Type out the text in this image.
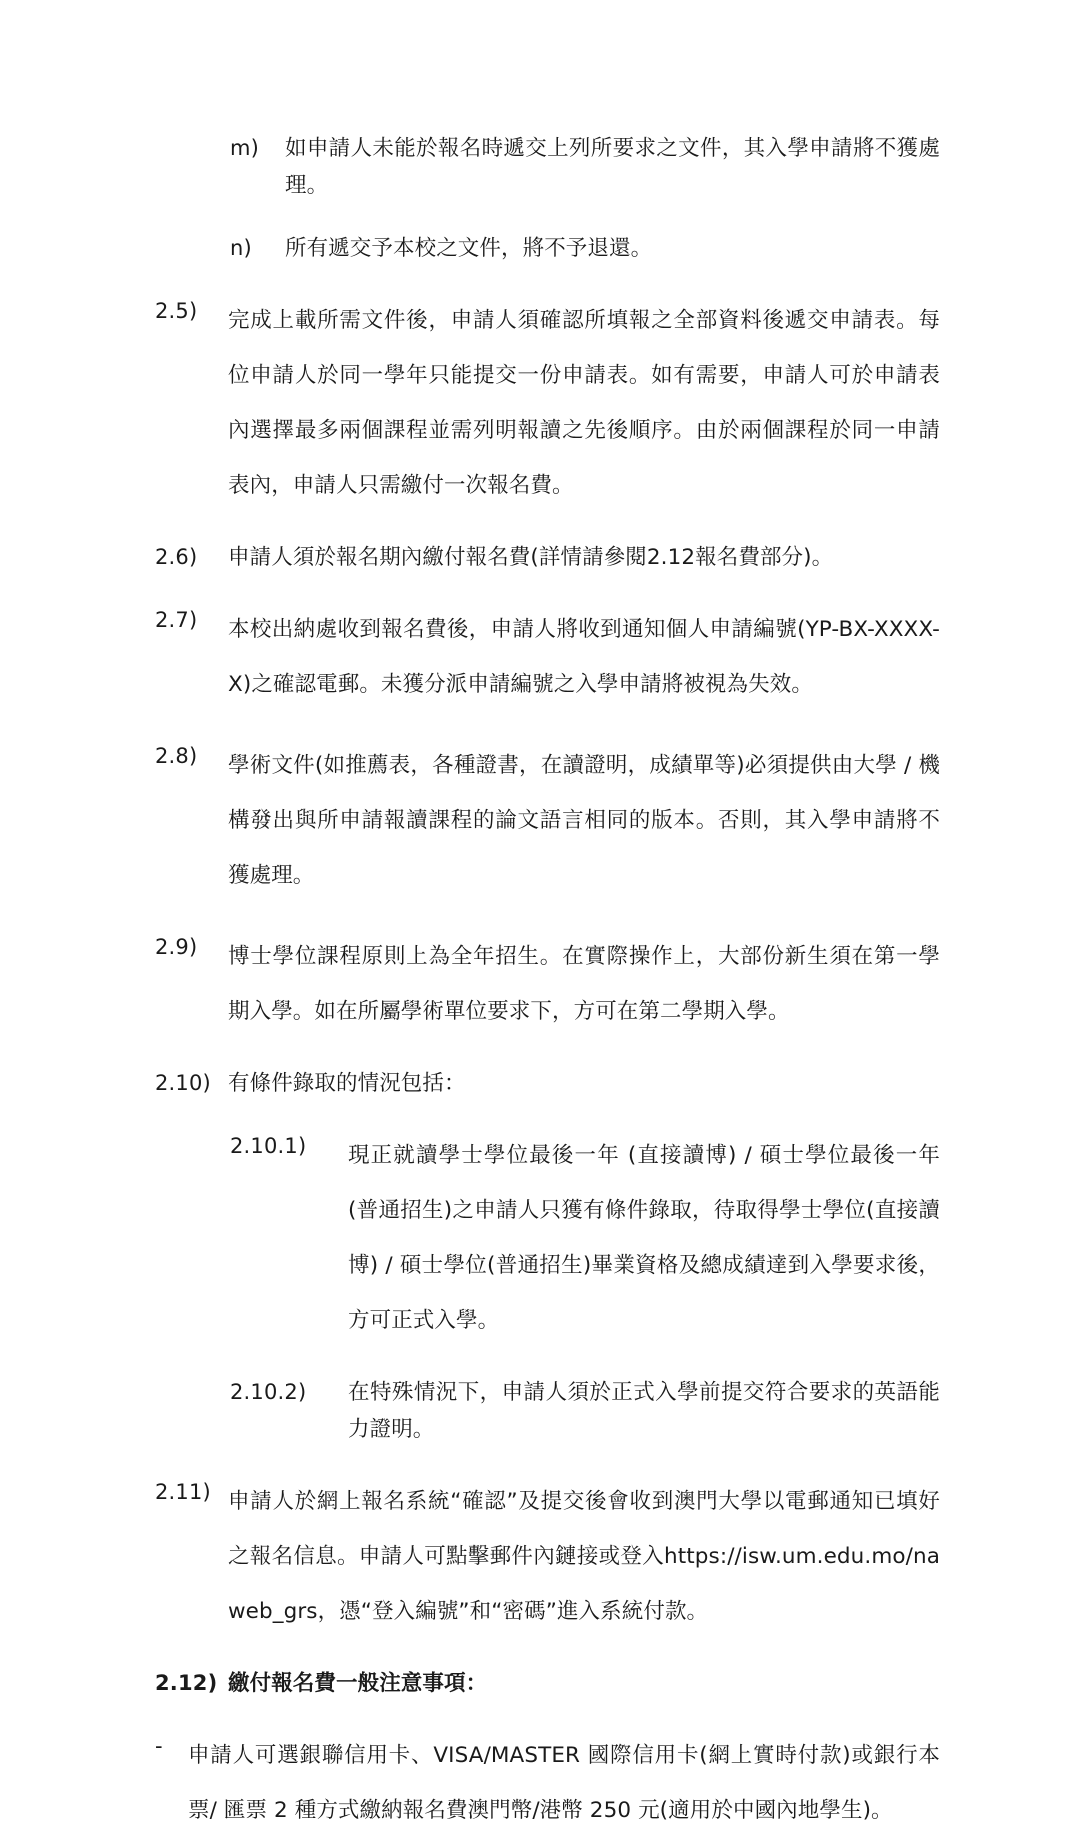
m)	如申請人未能於報名時遞交上列所要求之文件，其入學申請將不獲處理。
n)	所有遞交予本校之文件，將不予退還。
2.5)	完成上載所需文件後，申請人須確認所填報之全部資料後遞交申請表。每位申請人於同一學年只能提交一份申請表。如有需要，申請人可於申請表內選擇最多兩個課程並需列明報讀之先後順序。由於兩個課程於同一申請表內，申請人只需繳付一次報名費。
2.6)	申請人須於報名期內繳付報名費(詳情請參閱2.12報名費部分)。
2.7)	本校出納處收到報名費後，申請人將收到通知個人申請編號(YP-BX-XXXX-X)之確認電郵。未獲分派申請編號之入學申請將被視為失效。
2.8)	學術文件(如推薦表，各種證書，在讀證明，成績單等)必須提供由大學 / 機構發出與所申請報讀課程的論文語言相同的版本。否則，其入學申請將不獲處理。
2.9)	博士學位課程原則上為全年招生。在實際操作上，大部份新生須在第一學期入學。如在所屬學術單位要求下，方可在第二學期入學。
2.10) 有條件錄取的情況包括：
2.10.1)	現正就讀學士學位最後一年 (直接讀博) / 碩士學位最後一年(普通招生)之申請人只獲有條件錄取，待取得學士學位(直接讀博) / 碩士學位(普通招生)畢業資格及總成績達到入學要求後，方可正式入學。
2.10.2)	在特殊情況下，申請人須於正式入學前提交符合要求的英語能力證明。
2.11) 申請人於網上報名系統“確認”及提交後會收到澳門大學以電郵通知已填好之報名信息。申請人可點擊郵件內鏈接或登入https://isw.um.edu.mo/naweb_grs，憑“登入編號”和“密碼”進入系統付款。
2.12) 繳付報名費一般注意事項：
-	申請人可選銀聯信用卡、VISA/MASTER 國際信用卡(網上實時付款)或銀行本票/ 匯票 2 種方式繳納報名費澳門幣/港幣 250 元(適用於中國內地學生)。
